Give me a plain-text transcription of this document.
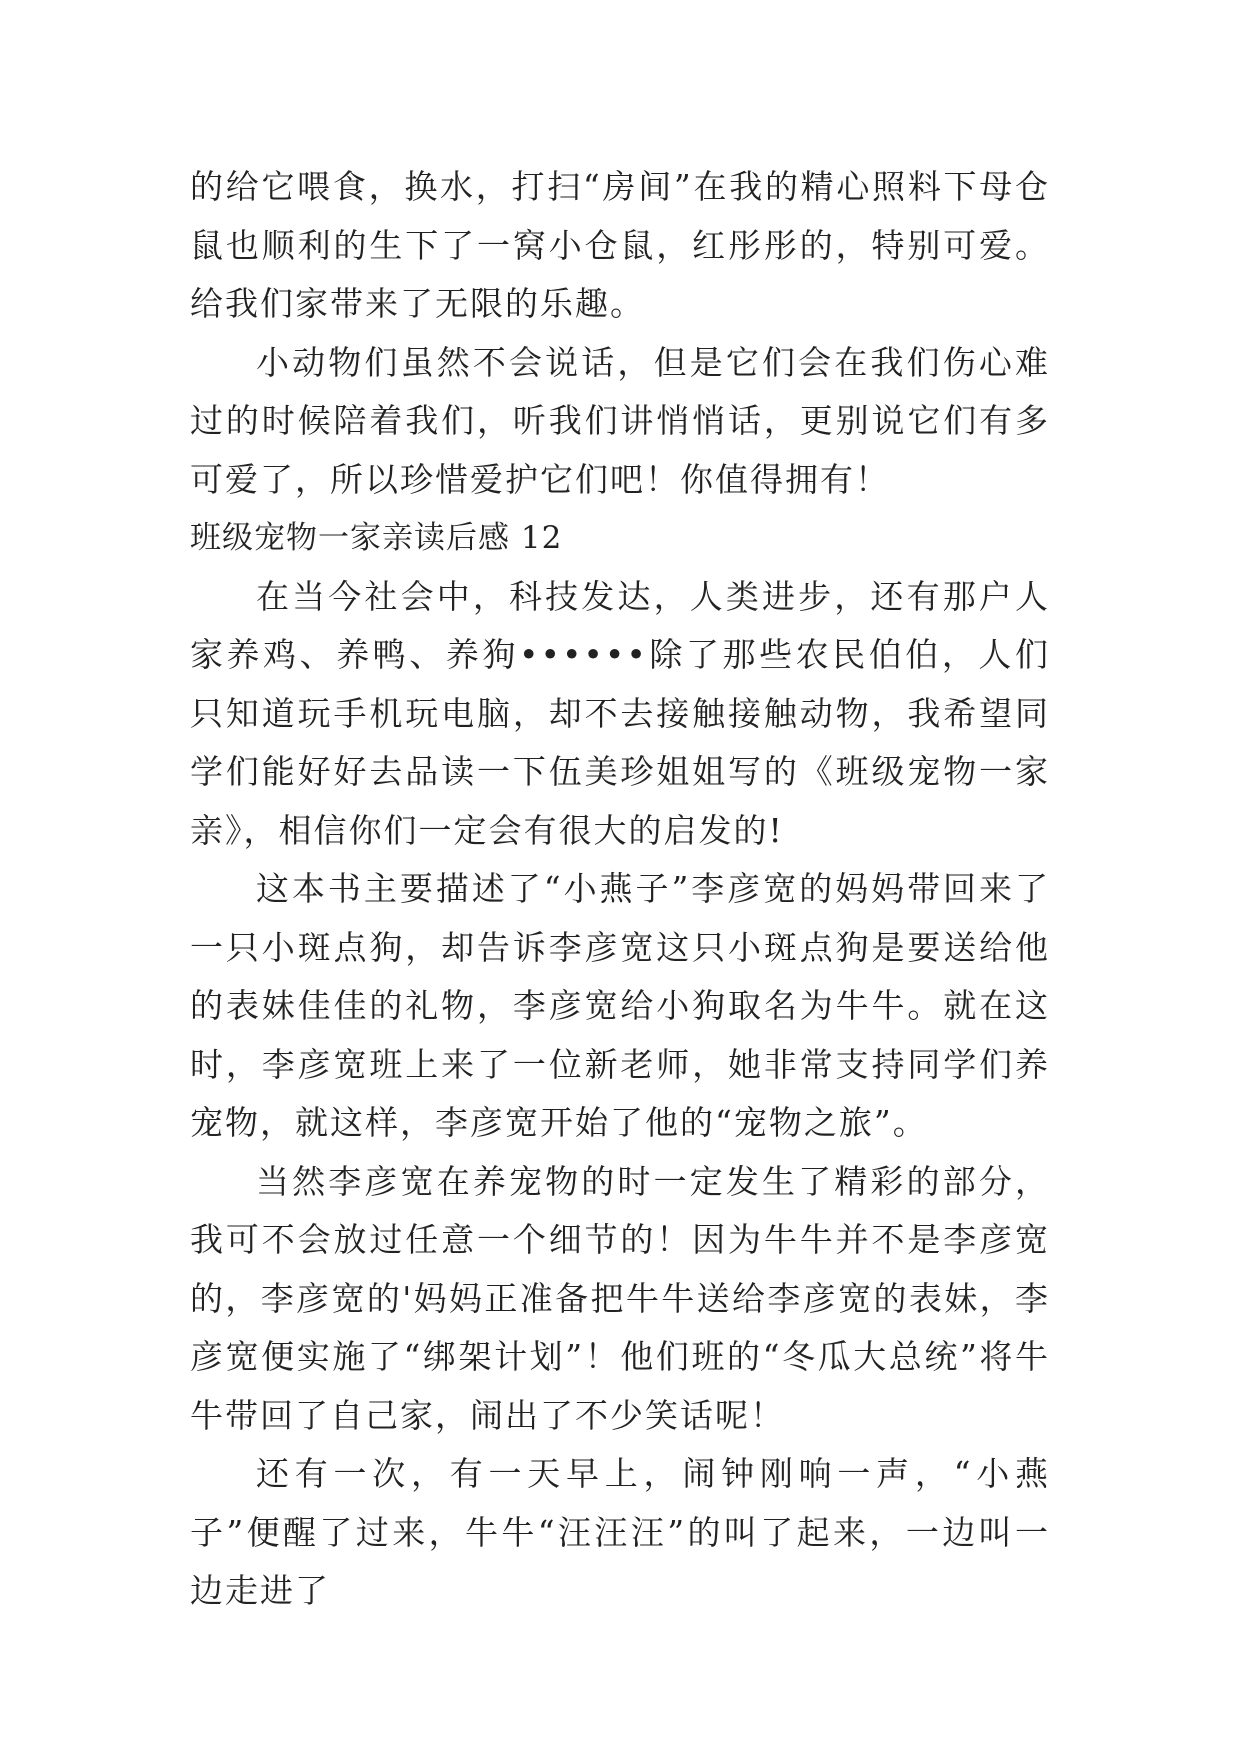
的给它喂食，换水，打扫“房间”在我的精心照料下母仓鼠也顺利的生下了一窝小仓鼠，红彤彤的，特别可爱。给我们家带来了无限的乐趣。

小动物们虽然不会说话，但是它们会在我们伤心难过的时候陪着我们，听我们讲悄悄话，更别说它们有多可爱了，所以珍惜爱护它们吧！你值得拥有！

班级宠物一家亲读后感 12

在当今社会中，科技发达，人类进步，还有那户人家养鸡、养鸭、养狗••••••除了那些农民伯伯，人们只知道玩手机玩电脑，却不去接触接触动物，我希望同学们能好好去品读一下伍美珍姐姐写的《班级宠物一家亲》，相信你们一定会有很大的启发的!

这本书主要描述了“小燕子”李彦宽的妈妈带回来了一只小斑点狗，却告诉李彦宽这只小斑点狗是要送给他的表妹佳佳的礼物，李彦宽给小狗取名为牛牛。就在这时，李彦宽班上来了一位新老师，她非常支持同学们养宠物，就这样，李彦宽开始了他的“宠物之旅”。

当然李彦宽在养宠物的时一定发生了精彩的部分，我可不会放过任意一个细节的！因为牛牛并不是李彦宽的，李彦宽的'妈妈正准备把牛牛送给李彦宽的表妹，李彦宽便实施了“绑架计划”！他们班的“冬瓜大总统”将牛牛带回了自己家，闹出了不少笑话呢！

还有一次，有一天早上，闹钟刚响一声，“小燕子”便醒了过来，牛牛“汪汪汪”的叫了起来，一边叫一边走进了
